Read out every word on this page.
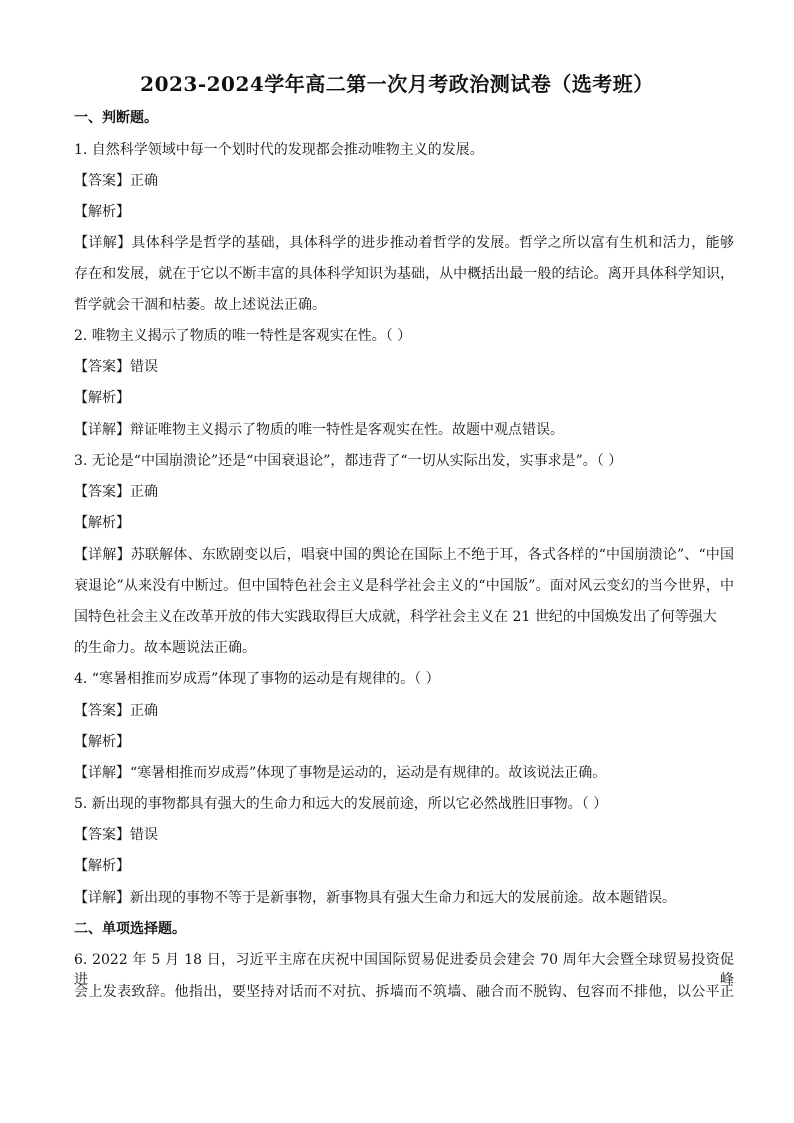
2023-2024学年高二第一次月考政治测试卷（选考班）
一、判断题。
1. 自然科学领域中每一个划时代的发现都会推动唯物主义的发展。
【答案】正确
【解析】
【详解】具体科学是哲学的基础，具体科学的进步推动着哲学的发展。哲学之所以富有生机和活力，能够
存在和发展，就在于它以不断丰富的具体科学知识为基础，从中概括出最一般的结论。离开具体科学知识，
哲学就会干涸和枯萎。故上述说法正确。
2. 唯物主义揭示了物质的唯一特性是客观实在性。（ ）
【答案】错误
【解析】
【详解】辩证唯物主义揭示了物质的唯一特性是客观实在性。故题中观点错误。
3. 无论是“中国崩溃论”还是“中国衰退论”，都违背了“一切从实际出发，实事求是”。（ ）
【答案】正确
【解析】
【详解】苏联解体、东欧剧变以后，唱衰中国的舆论在国际上不绝于耳，各式各样的“中国崩溃论”、“中国
衰退论”从来没有中断过。但中国特色社会主义是科学社会主义的“中国版”。面对风云变幻的当今世界，中
国特色社会主义在改革开放的伟大实践取得巨大成就，科学社会主义在 21 世纪的中国焕发出了何等强大
的生命力。故本题说法正确。
4. “寒暑相推而岁成焉”体现了事物的运动是有规律的。（ ）
【答案】正确
【解析】
【详解】“寒暑相推而岁成焉”体现了事物是运动的，运动是有规律的。故该说法正确。
5. 新出现的事物都具有强大的生命力和远大的发展前途，所以它必然战胜旧事物。（ ）
【答案】错误
【解析】
【详解】新出现的事物不等于是新事物，新事物具有强大生命力和远大的发展前途。故本题错误。
二、单项选择题。
6. 2022 年 5 月 18 日，习近平主席在庆祝中国国际贸易促进委员会建会 70 周年大会暨全球贸易投资促进峰
会上发表致辞。他指出，要坚持对话而不对抗、拆墙而不筑墙、融合而不脱钩、包容而不排他，以公平正
